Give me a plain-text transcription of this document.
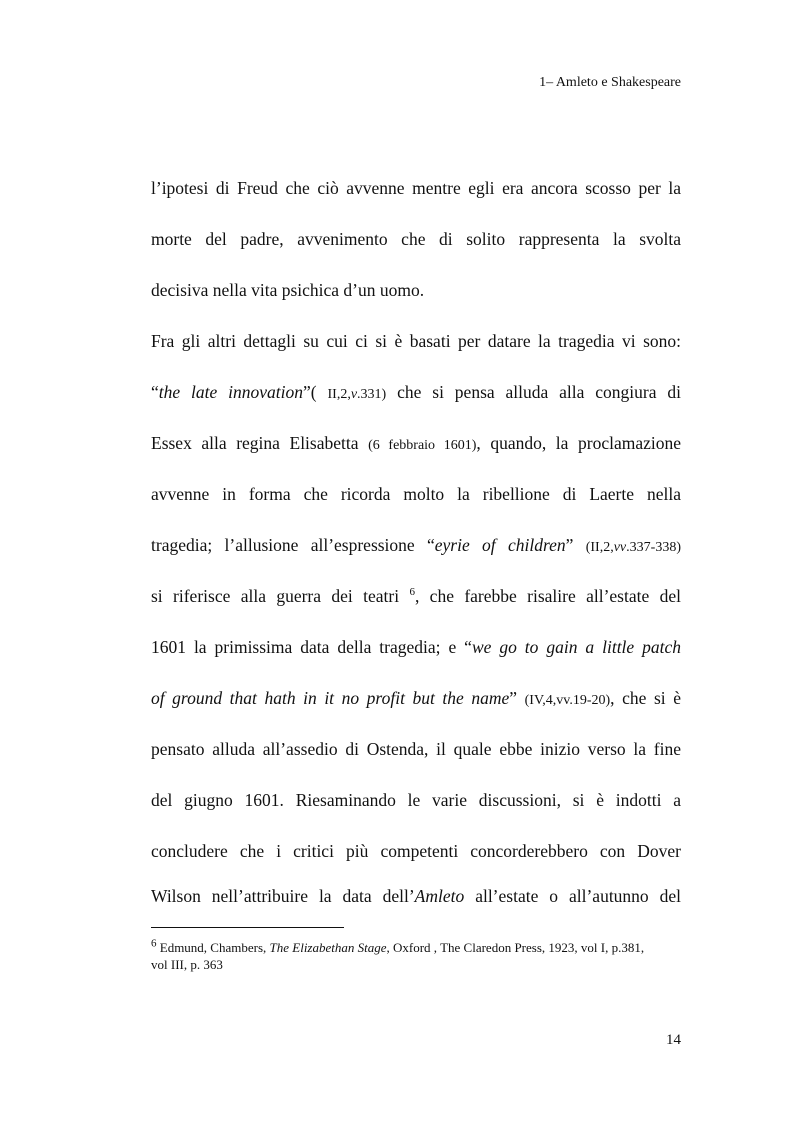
1– Amleto e Shakespeare
l’ipotesi di Freud che ciò avvenne mentre egli era ancora scosso per la
morte del padre, avvenimento che di solito rappresenta la svolta
decisiva nella vita psichica d’un uomo.
Fra gli altri dettagli su cui ci si è basati per datare la tragedia vi sono:
“the late innovation”( II,2,v.331) che si pensa alluda alla congiura di
Essex alla regina Elisabetta (6 febbraio 1601), quando, la proclamazione
avvenne in forma che ricorda molto la ribellione di Laerte nella
tragedia; l’allusione all’espressione “eyrie of children” (II,2,vv.337-338)
si riferisce alla guerra dei teatri $^6$, che farebbe risalire all’estate del
1601 la primissima data della tragedia; e “we go to gain a little patch
of ground that hath in it no profit but the name” (IV,4,vv.19-20), che si è
pensato alluda all’assedio di Ostenda, il quale ebbe inizio verso la fine
del giugno 1601. Riesaminando le varie discussioni, si è indotti a
concludere che i critici più competenti concorderebbero con Dover
Wilson nell’attribuire la data dell’Amleto all’estate o all’autunno del
$^6$ Edmund, Chambers, The Elizabethan Stage, Oxford , The Claredon Press, 1923, vol I, p.381,
vol III, p. 363
14
